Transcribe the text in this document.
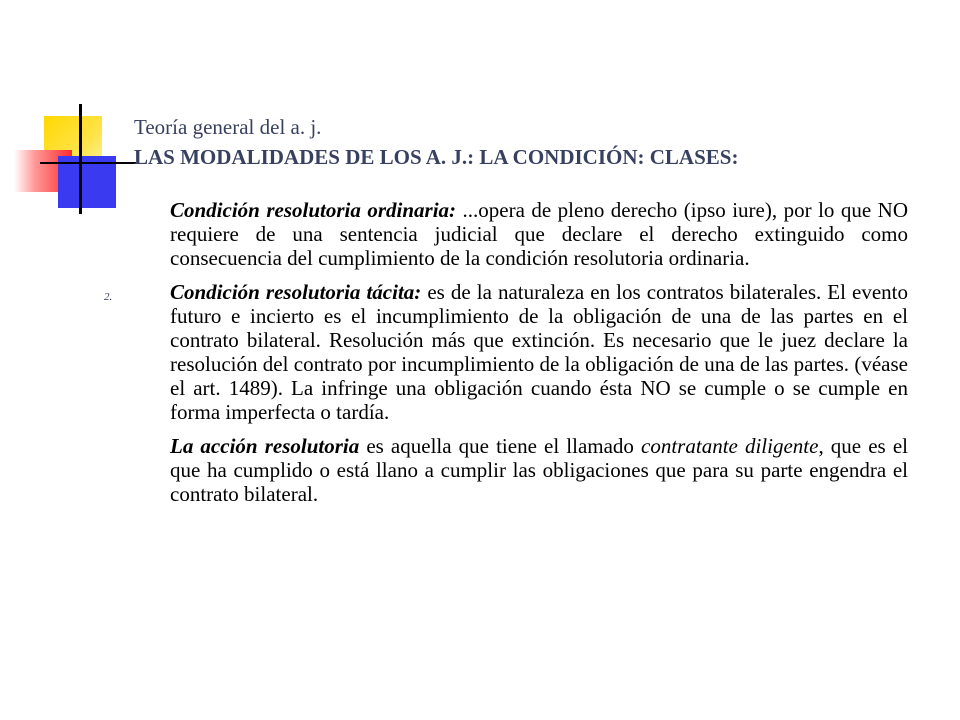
Teoría general del a. j.
LAS MODALIDADES DE LOS A. J.: LA CONDICIÓN: CLASES:

Condición resolutoria ordinaria: ...opera de pleno derecho (ipso iure), por lo que NO requiere de una sentencia judicial que declare el derecho extinguido como consecuencia del cumplimiento de la condición resolutoria ordinaria.

2.	Condición resolutoria tácita: es de la naturaleza en los contratos bilaterales. El evento futuro e incierto es el incumplimiento de la obligación de una de las partes en el contrato bilateral. Resolución más que extinción. Es necesario que le juez declare la resolución del contrato por incumplimiento de la obligación de una de las partes. (véase el art. 1489). La infringe una obligación cuando ésta NO se cumple o se cumple en forma imperfecta o tardía.

La acción resolutoria es aquella que tiene el llamado contratante diligente, que es el que ha cumplido o está llano a cumplir las obligaciones que para su parte engendra el contrato bilateral.
